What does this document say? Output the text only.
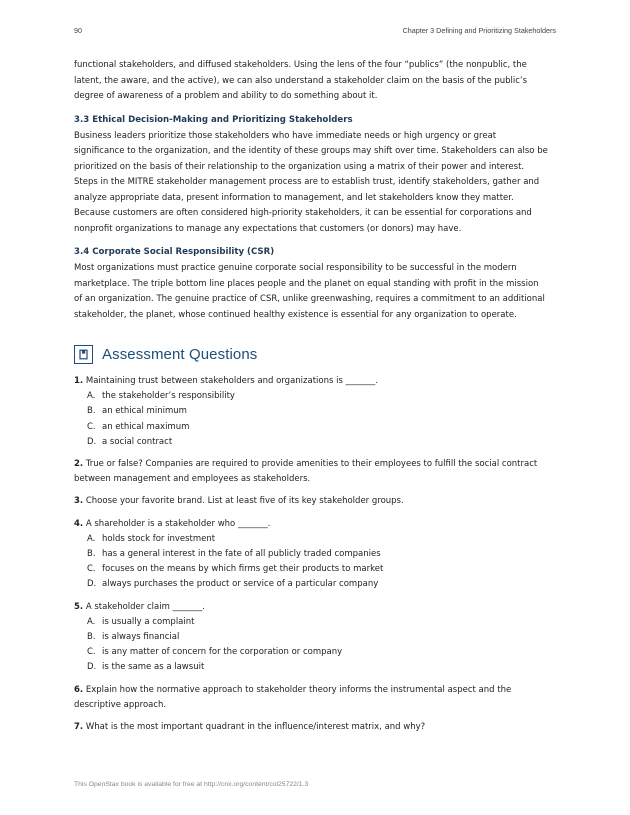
90	Chapter 3 Defining and Prioritizing Stakeholders
functional stakeholders, and diffused stakeholders. Using the lens of the four “publics” (the nonpublic, the
latent, the aware, and the active), we can also understand a stakeholder claim on the basis of the public’s
degree of awareness of a problem and ability to do something about it.
3.3 Ethical Decision-Making and Prioritizing Stakeholders
Business leaders prioritize those stakeholders who have immediate needs or high urgency or great
significance to the organization, and the identity of these groups may shift over time. Stakeholders can also be
prioritized on the basis of their relationship to the organization using a matrix of their power and interest.
Steps in the MITRE stakeholder management process are to establish trust, identify stakeholders, gather and
analyze appropriate data, present information to management, and let stakeholders know they matter.
Because customers are often considered high-priority stakeholders, it can be essential for corporations and
nonprofit organizations to manage any expectations that customers (or donors) may have.
3.4 Corporate Social Responsibility (CSR)
Most organizations must practice genuine corporate social responsibility to be successful in the modern
marketplace. The triple bottom line places people and the planet on equal standing with profit in the mission
of an organization. The genuine practice of CSR, unlike greenwashing, requires a commitment to an additional
stakeholder, the planet, whose continued healthy existence is essential for any organization to operate.
Assessment Questions
1. Maintaining trust between stakeholders and organizations is _______.
A. the stakeholder’s responsibility
B. an ethical minimum
C. an ethical maximum
D. a social contract
2. True or false? Companies are required to provide amenities to their employees to fulfill the social contract
between management and employees as stakeholders.
3. Choose your favorite brand. List at least five of its key stakeholder groups.
4. A shareholder is a stakeholder who _______.
A. holds stock for investment
B. has a general interest in the fate of all publicly traded companies
C. focuses on the means by which firms get their products to market
D. always purchases the product or service of a particular company
5. A stakeholder claim _______.
A. is usually a complaint
B. is always financial
C. is any matter of concern for the corporation or company
D. is the same as a lawsuit
6. Explain how the normative approach to stakeholder theory informs the instrumental aspect and the
descriptive approach.
7. What is the most important quadrant in the influence/interest matrix, and why?
This OpenStax book is available for free at http://cnx.org/content/col25722/1.3
